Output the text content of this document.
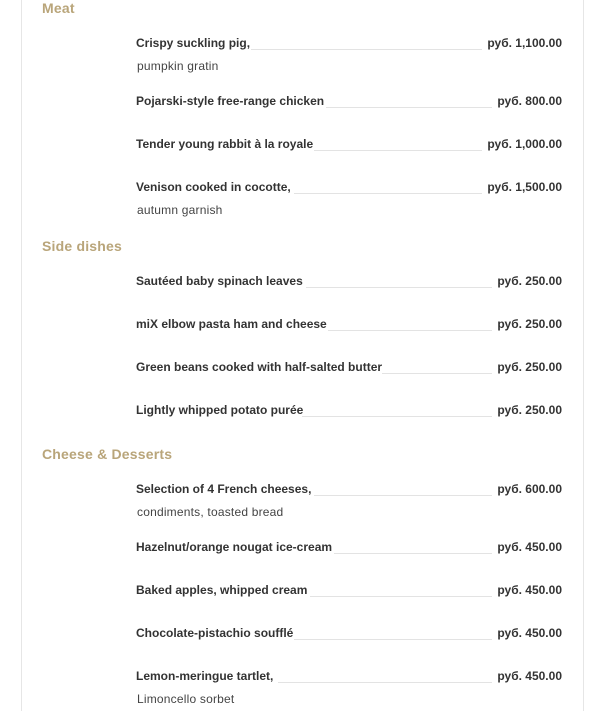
Meat
Crispy suckling pig,	руб. 1,100.00
pumpkin gratin
Pojarski-style free-range chicken	руб. 800.00
Tender young rabbit à la royale	руб. 1,000.00
Venison cooked in cocotte,	руб. 1,500.00
autumn garnish
Side dishes
Sautéed baby spinach leaves	руб. 250.00
miX elbow pasta ham and cheese	руб. 250.00
Green beans cooked with half-salted butter	руб. 250.00
Lightly whipped potato purée	руб. 250.00
Cheese & Desserts
Selection of 4 French cheeses,	руб. 600.00
condiments, toasted bread
Hazelnut/orange nougat ice-cream	руб. 450.00
Baked apples, whipped cream	руб. 450.00
Chocolate-pistachio soufflé	руб. 450.00
Lemon-meringue tartlet,	руб. 450.00
Limoncello sorbet
